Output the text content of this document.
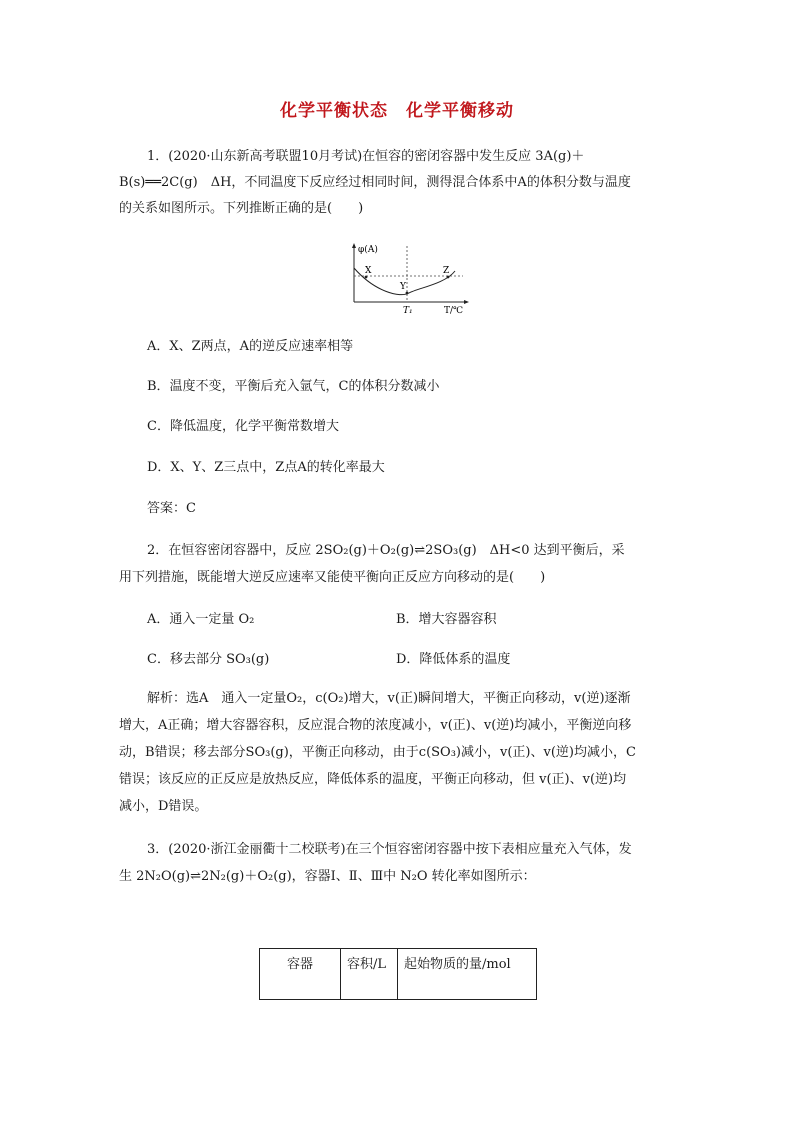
化学平衡状态　化学平衡移动
1．(2020·山东新高考联盟10月考试)在恒容的密闭容器中发生反应 3A(g)＋
B(s)══2C(g)　ΔH，不同温度下反应经过相同时间，测得混合体系中A的体积分数与温度
的关系如图所示。下列推断正确的是(　　)
φ(A)
X
Y
Z
T₁	T/℃
A．X、Z两点，A的逆反应速率相等
B．温度不变，平衡后充入氩气，C的体积分数减小
C．降低温度，化学平衡常数增大
D．X、Y、Z三点中，Z点A的转化率最大
答案：C
2．在恒容密闭容器中，反应 2SO₂(g)＋O₂(g)⇌2SO₃(g)　ΔH<0 达到平衡后，采
用下列措施，既能增大逆反应速率又能使平衡向正反应方向移动的是(　　)
A．通入一定量 O₂	B．增大容器容积
C．移去部分 SO₃(g)	D．降低体系的温度
解析：选A　通入一定量O₂，c(O₂)增大，v(正)瞬间增大，平衡正向移动，v(逆)逐渐
增大，A正确；增大容器容积，反应混合物的浓度减小，v(正)、v(逆)均减小，平衡逆向移
动，B错误；移去部分SO₃(g)，平衡正向移动，由于c(SO₃)减小，v(正)、v(逆)均减小，C
错误；该反应的正反应是放热反应，降低体系的温度，平衡正向移动，但 v(正)、v(逆)均
减小，D错误。
3．(2020·浙江金丽衢十二校联考)在三个恒容密闭容器中按下表相应量充入气体，发
生 2N₂O(g)⇌2N₂(g)＋O₂(g)，容器Ⅰ、Ⅱ、Ⅲ中 N₂O 转化率如图所示：
容器	容积/L	起始物质的量/mol
